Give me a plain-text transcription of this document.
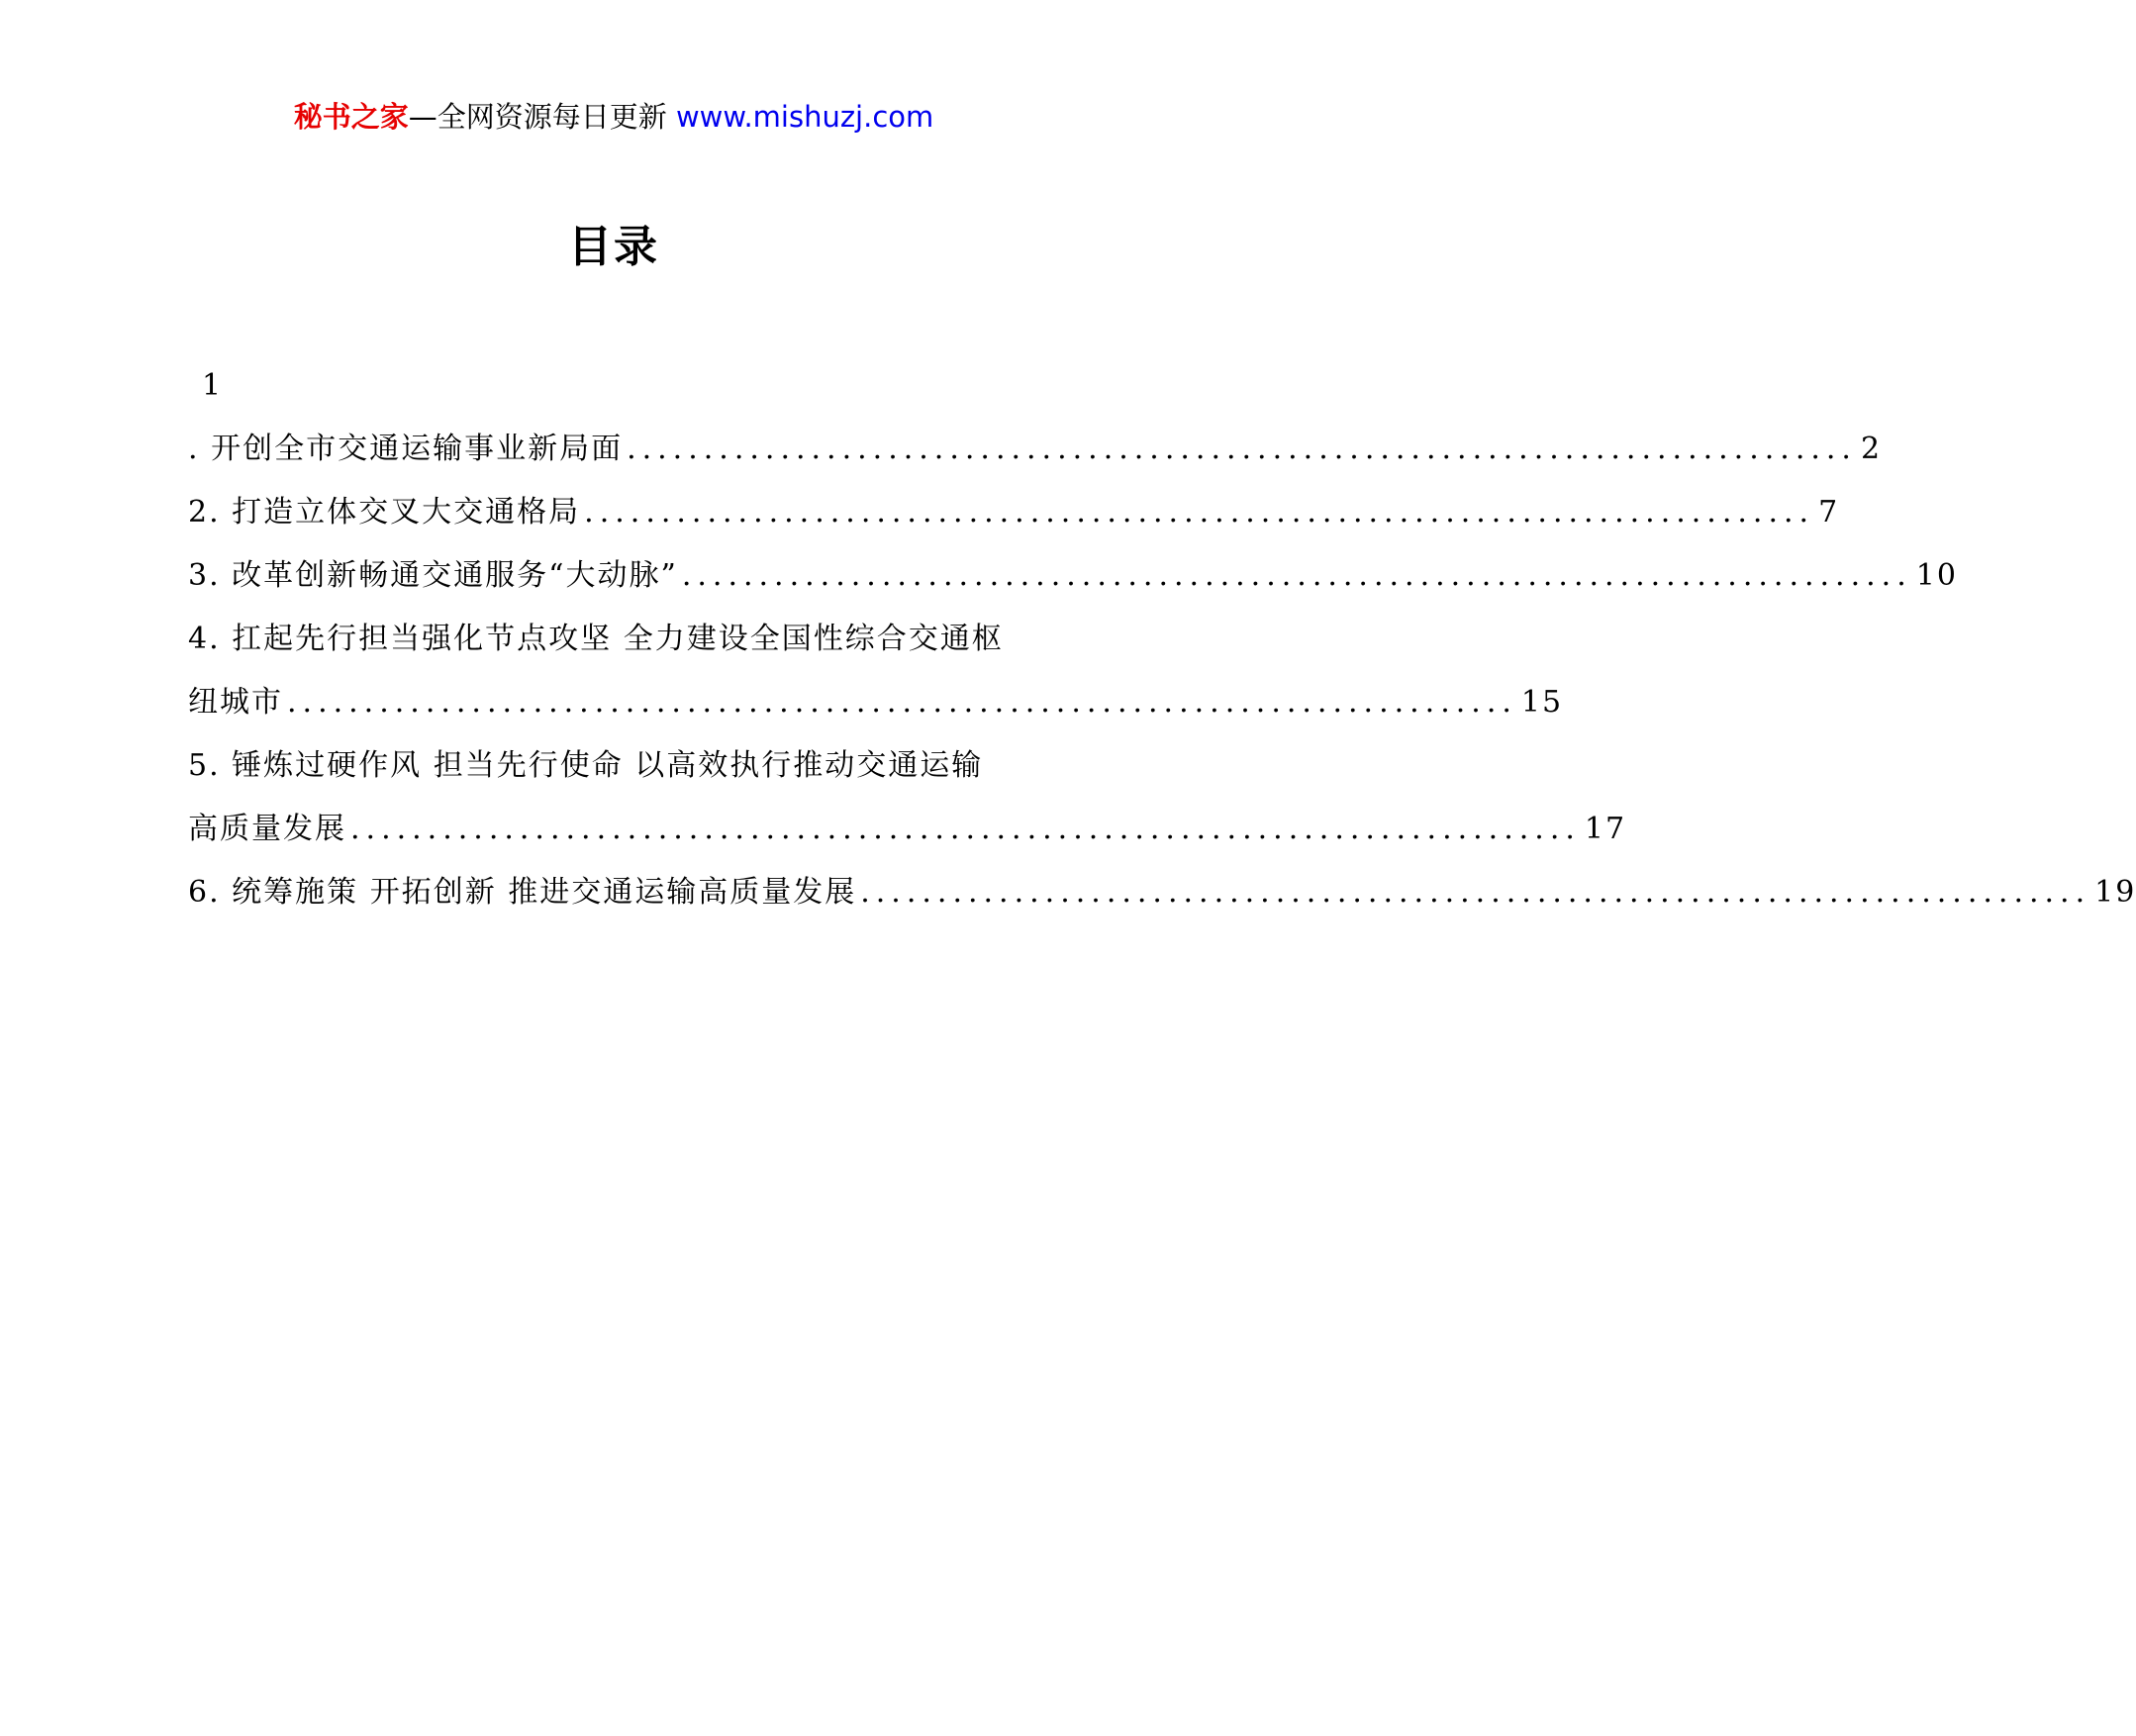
秘书之家—全网资源每日更新 www.mishuzj.com
目录
1
. 开创全市交通运输事业新局面 ................................................................................ 2
2. 打造立体交叉大交通格局 ................................................................................ 7
3. 改革创新畅通交通服务“大动脉” ................................................................................ 10
4. 扛起先行担当强化节点攻坚 全力建设全国性综合交通枢
纽城市 ................................................................................ 15
5. 锤炼过硬作风 担当先行使命 以高效执行推动交通运输
高质量发展 ................................................................................ 17
6. 统筹施策 开拓创新 推进交通运输高质量发展 ................................................................................ 19
